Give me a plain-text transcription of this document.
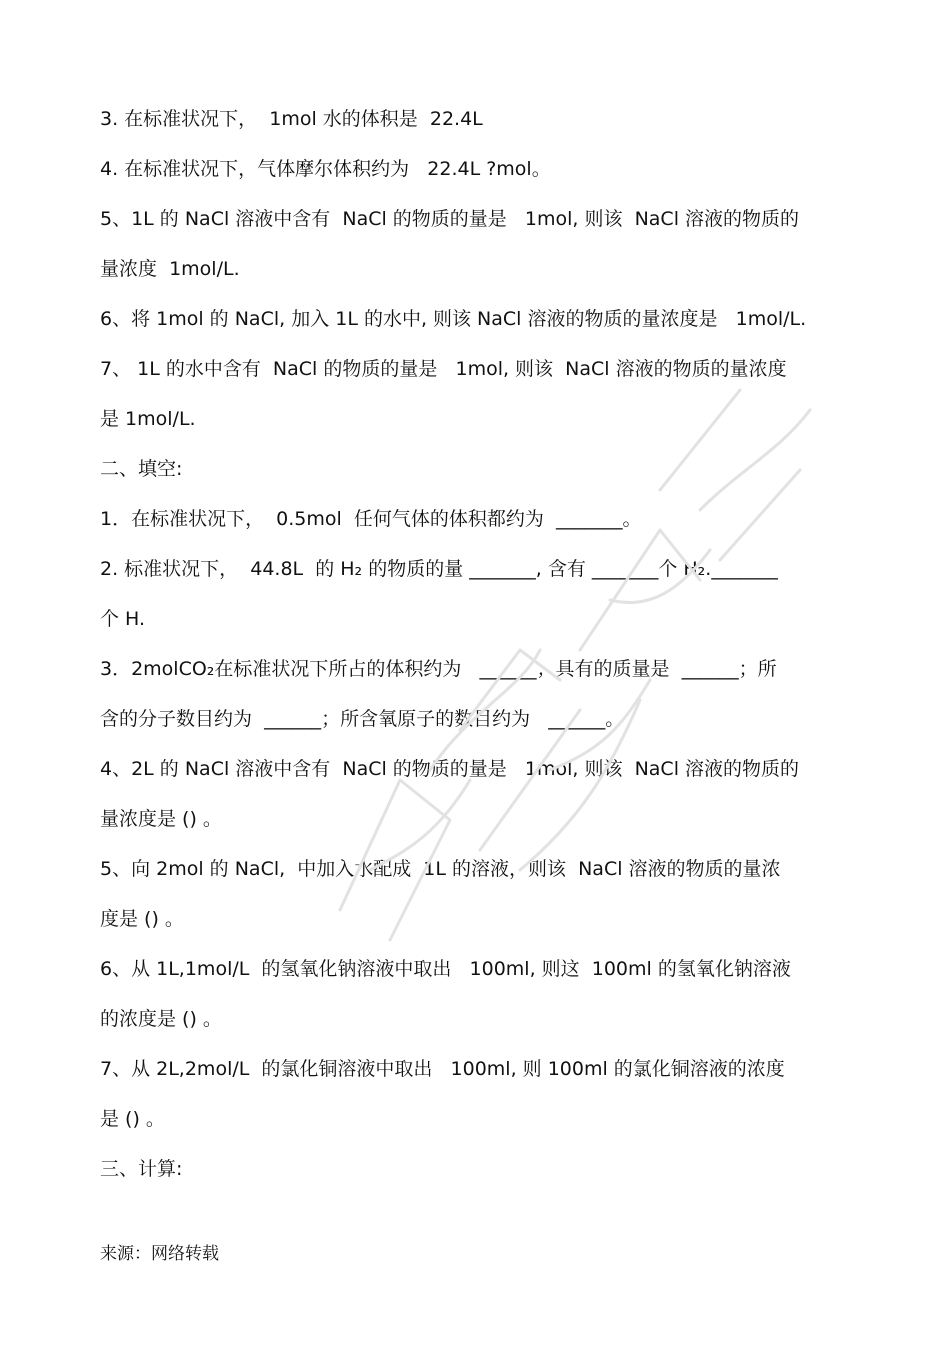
3. 在标准状况下，  1mol 水的体积是  22.4L
4. 在标准状况下，气体摩尔体积约为   22.4L ?mol。
5、1L 的 NaCl 溶液中含有  NaCl 的物质的量是   1mol, 则该  NaCl 溶液的物质的
量浓度  1mol/L.
6、将 1mol 的 NaCl, 加入 1L 的水中, 则该 NaCl 溶液的物质的量浓度是   1mol/L.
7、 1L 的水中含有  NaCl 的物质的量是   1mol, 则该  NaCl 溶液的物质的量浓度
是 1mol/L.
二、填空:
1．在标准状况下，  0.5mol  任何气体的体积都约为  _______。
2. 标准状况下，  44.8L  的 H₂ 的物质的量 _______, 含有 _______个 H₂._______
个 H.
3．2molCO₂在标准状况下所占的体积约为   ______；具有的质量是  ______；所
含的分子数目约为  ______；所含氧原子的数目约为   ______。
4、2L 的 NaCl 溶液中含有  NaCl 的物质的量是   1mol, 则该  NaCl 溶液的物质的
量浓度是 () 。
5、向 2mol 的 NaCl,  中加入水配成  1L 的溶液，则该  NaCl 溶液的物质的量浓
度是 () 。
6、从 1L,1mol/L  的氢氧化钠溶液中取出   100ml, 则这  100ml 的氢氧化钠溶液
的浓度是 () 。
7、从 2L,2mol/L  的氯化铜溶液中取出   100ml, 则 100ml 的氯化铜溶液的浓度
是 () 。
三、计算:
来源：网络转载
